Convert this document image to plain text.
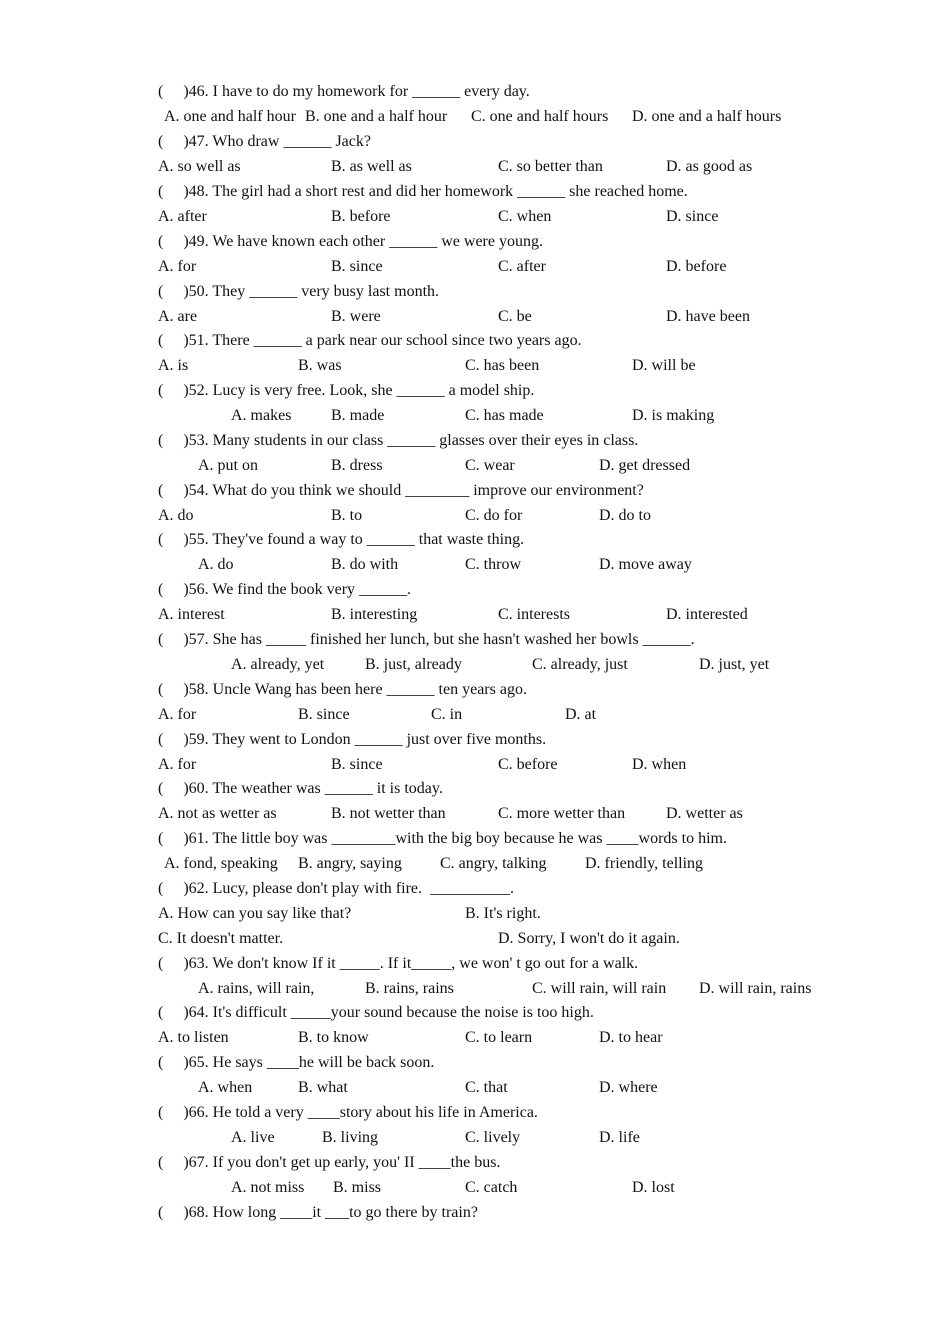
(     )46. I have to do my homework for ______ every day.
A. one and half hour B. one and a half hour C. one and half hours D. one and a half hours
(     )47. Who draw ______ Jack?
A. so well as	B. as well as	C. so better than	D. as good as
(     )48. The girl had a short rest and did her homework ______ she reached home.
A. after	B. before	C. when	D. since
(     )49. We have known each other ______ we were young.
A. for	B. since	C. after	D. before
(     )50. They ______ very busy last month.
A. are	B. were	C. be	D. have been
(     )51. There ______ a park near our school since two years ago.
A. is	B. was	C. has been	D. will be
(     )52. Lucy is very free. Look, she ______ a model ship.
A. makes B. made	C. has made	D. is making
(     )53. Many students in our class ______ glasses over their eyes in class.
A. put on	B. dress	C. wear	D. get dressed
(     )54. What do you think we should ________ improve our environment?
A. do	B. to	C. do for	D. do to
(     )55. They've found a way to ______ that waste thing.
A. do	B. do with	C. throw	D. move away
(     )56. We find the book very ______.
A. interest	B. interesting	C. interests	D. interested
(     )57. She has _____ finished her lunch, but she hasn't washed her bowls ______.
A. already, yet	B. just, already	C. already, just	D. just, yet
(     )58. Uncle Wang has been here ______ ten years ago.
A. for	B. since	C. in	D. at
(     )59. They went to London ______ just over five months.
A. for	B. since	C. before	D. when
(     )60. The weather was ______ it is today.
A. not as wetter as	B. not wetter than	C. more wetter than	D. wetter as
(     )61. The little boy was ________with the big boy because he was ____words to him.
A. fond, speaking B. angry, saying C. angry, talking D. friendly, telling
(     )62. Lucy, please don't play with fire.  __________.
A. How can you say like that?	B. It's right.
C. It doesn't matter.	D. Sorry, I won't do it again.
(     )63. We don't know If it _____. If it_____, we won' t go out for a walk.
A. rains, will rain,	B. rains, rains	C. will rain, will rain D. will rain, rains
(     )64. It's difficult _____your sound because the noise is too high.
A. to listen	B. to know	C. to learn	D. to hear
(     )65. He says ____he will be back soon.
A. when	B. what	C. that	D. where
(     )66. He told a very ____story about his life in America.
A. live	B. living	C. lively	D. life
(     )67. If you don't get up early, you' II ____the bus.
A. not miss B. miss	C. catch	D. lost
(     )68. How long ____it ___to go there by train?
